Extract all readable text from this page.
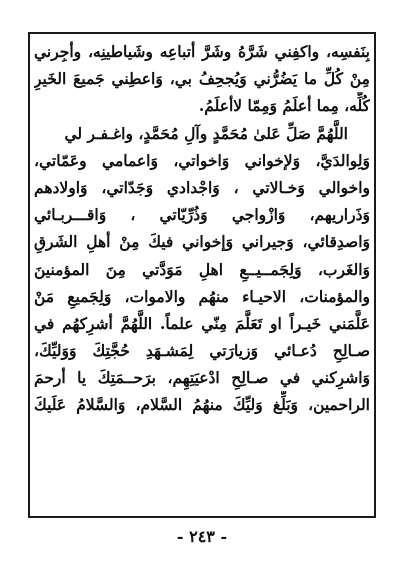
بِنَفسِه، واكفِني شَرَّهُ وشَرَّ أتباعِه وشَياطينِه، وأجِرني
مِنْ كُلِّ ما يَضُرُّني وَيُجحِفُ بي، وَاعطِني جَميعَ الخَيرِ
كُلِّه، مِما أعلَمُ وَمِمّا لاأعلَمُ.
اللَّهُمَّ صَلِّ عَلىٰ مُحَمَّدٍ وآلِ مُحَمَّدٍ، واغـفـر لي
وَلِوالدَيَّ، وَلإخواني وَاخواتي، وَاعمامي وعَمّاتي،
واخوالي وَخـالاتي ، وَاجْدادي وَجَدّاتي، وَاولادهم
وَذَراريهم، وَازْواجي وَذُرِّيّاتي ، وَاقـــربـائي
وَاصدِقائي، وَجيراني وَإخواني فيكَ مِنْ أهلِ الشَرقِ
وَالغَرب، وَلِجَمــيــعِ اهلِ مَوَدَّتي مِنَ المؤمنينَ
والمؤمنات، الاحيـاء منهُم والاموات، وَلِجَميعِ مَنْ
عَلَّمَني خَيـراً او تَعَلَّمَ مِنّي علماً. اللَّهُمَّ أشرِكهُم في
صـالِحِ دُعـائي وَزيارَتي لِمَشـهَدِ حُجَّتِكَ وَوَليِّكَ،
وَاشرِكني في صـالِحِ ادْعيَتِهِم، برَحــمَتِكَ يا أرحمَ
الراحمين، وَبَلِّغ وَليِّكَ منهُمُ السَّلام، وَالسَّلامُ عَلَيكَ
- ٢٤٣ -
